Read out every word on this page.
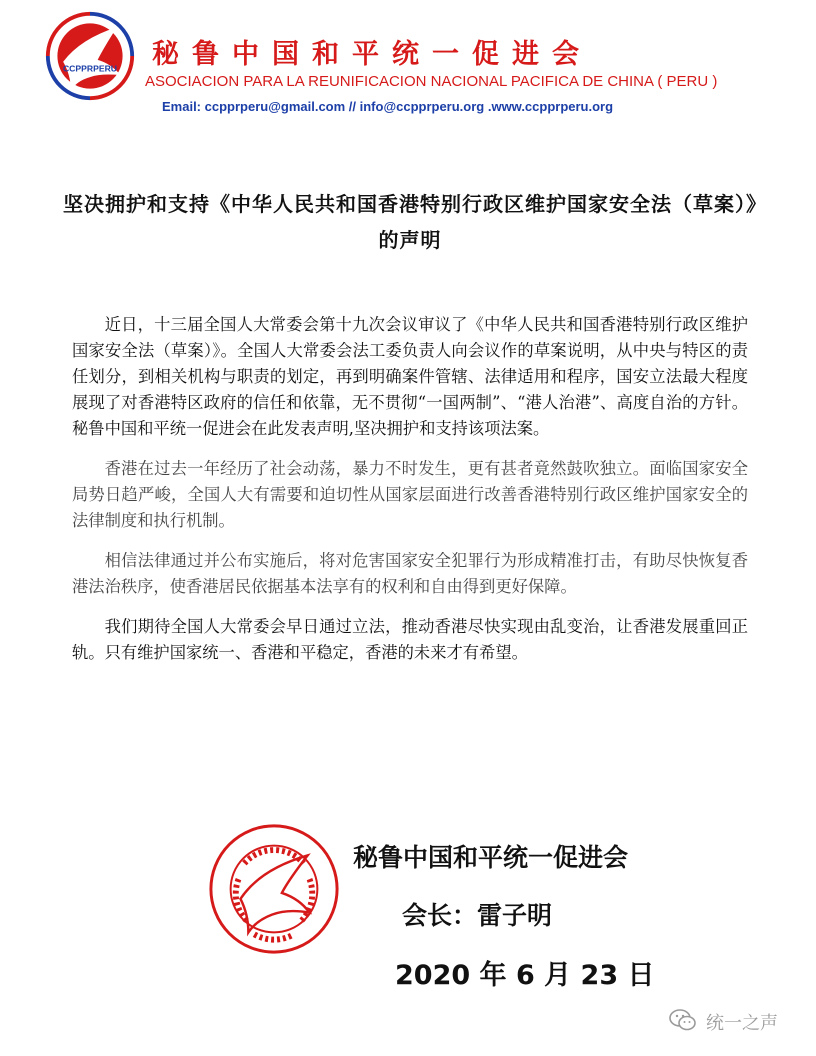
CCPPRPERU 秘鲁中国和平统一促进会
ASOCIACION PARA LA REUNIFICACION NACIONAL PACIFICA DE CHINA ( PERU )
Email: ccpprperu@gmail.com // info@ccpprperu.org .www.ccpprperu.org
坚决拥护和支持《中华人民共和国香港特别行政区维护国家安全法（草案）》的声明

近日，十三届全国人大常委会第十九次会议审议了《中华人民共和国香港特别行政区维护国家安全法（草案）》。全国人大常委会法工委负责人向会议作的草案说明，从中央与特区的责任划分，到相关机构与职责的划定，再到明确案件管辖、法律适用和程序，国安立法最大程度展现了对香港特区政府的信任和依靠，无不贯彻“一国两制”、“港人治港”、高度自治的方针。秘鲁中国和平统一促进会在此发表声明,坚决拥护和支持该项法案。

香港在过去一年经历了社会动荡，暴力不时发生，更有甚者竟然鼓吹独立。面临国家安全局势日趋严峻，全国人大有需要和迫切性从国家层面进行改善香港特别行政区维护国家安全的法律制度和执行机制。

相信法律通过并公布实施后，将对危害国家安全犯罪行为形成精准打击，有助尽快恢复香港法治秩序，使香港居民依据基本法享有的权利和自由得到更好保障。

我们期待全国人大常委会早日通过立法，推动香港尽快实现由乱变治，让香港发展重回正轨。只有维护国家统一、香港和平稳定，香港的未来才有希望。

秘鲁中国和平统一促进会
会长：雷子明
2020 年 6 月 23 日
统一之声
